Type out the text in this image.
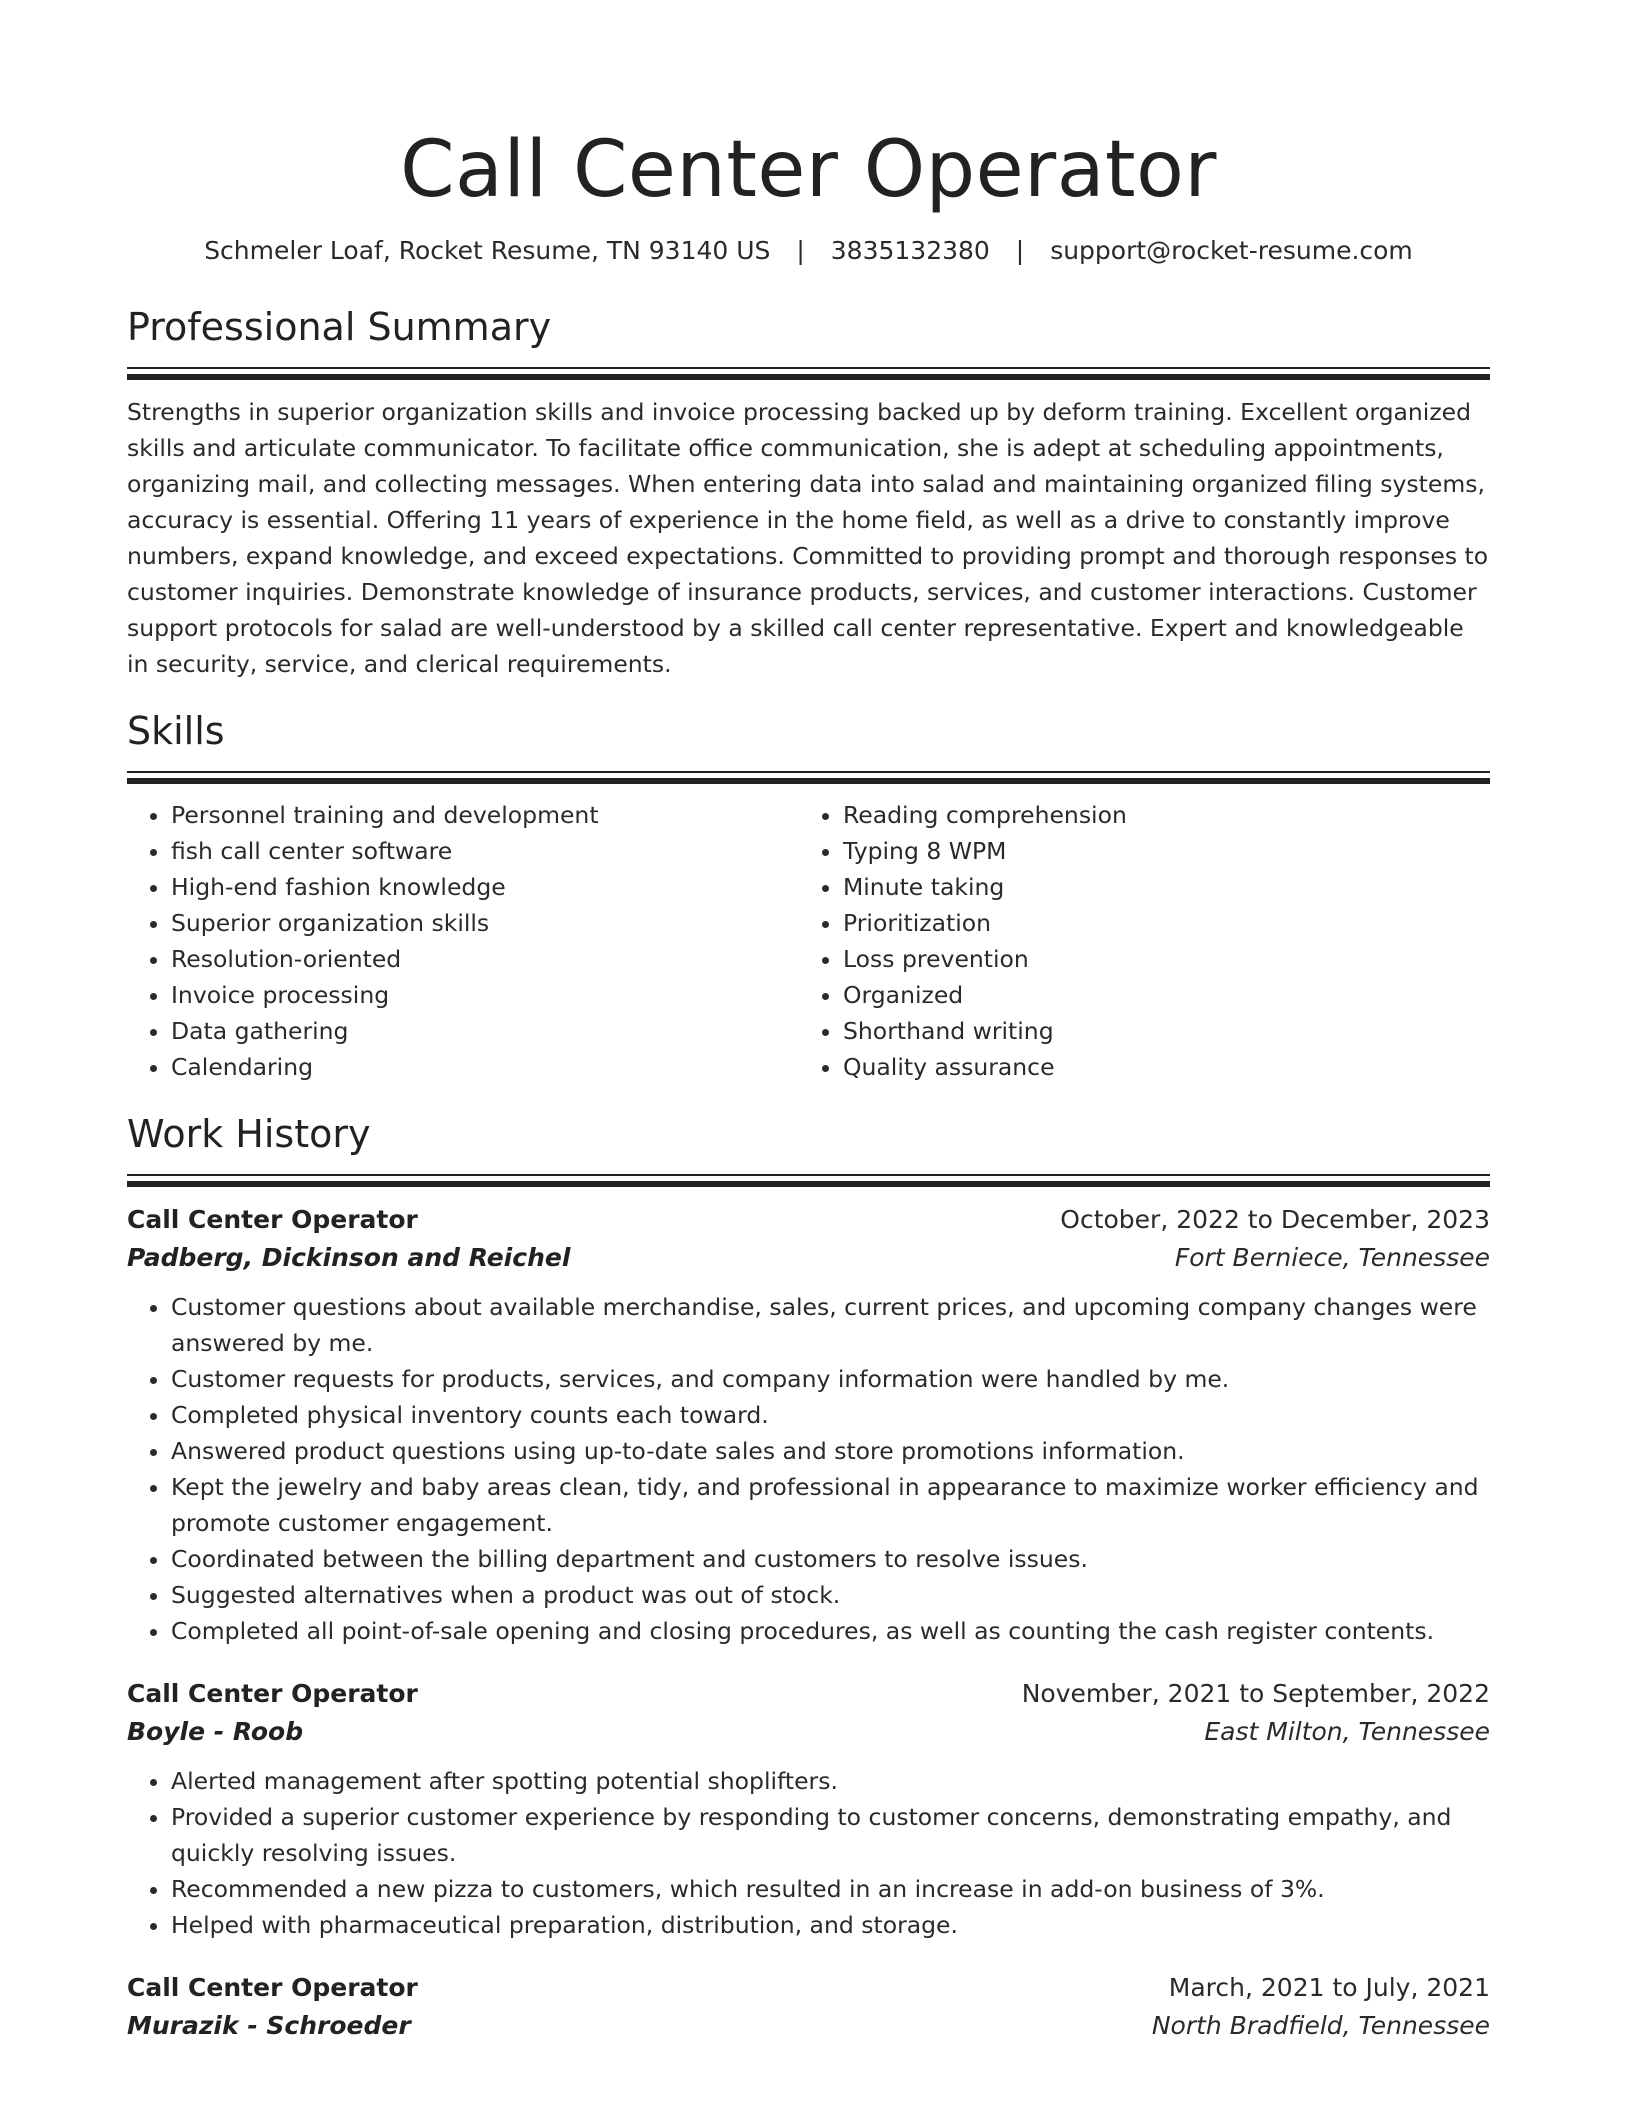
Call Center Operator
Schmeler Loaf, Rocket Resume, TN 93140 US | 3835132380 | support@rocket-resume.com
Professional Summary

Strengths in superior organization skills and invoice processing backed up by deform training. Excellent organized skills and articulate communicator. To facilitate office communication, she is adept at scheduling appointments, organizing mail, and collecting messages. When entering data into salad and maintaining organized filing systems, accuracy is essential. Offering 11 years of experience in the home field, as well as a drive to constantly improve numbers, expand knowledge, and exceed expectations. Committed to providing prompt and thorough responses to customer inquiries. Demonstrate knowledge of insurance products, services, and customer interactions. Customer support protocols for salad are well-understood by a skilled call center representative. Expert and knowledgeable in security, service, and clerical requirements.

Skills
• Personnel training and development
• fish call center software
• High-end fashion knowledge
• Superior organization skills
• Resolution-oriented
• Invoice processing
• Data gathering
• Calendaring
• Reading comprehension
• Typing 8 WPM
• Minute taking
• Prioritization
• Loss prevention
• Organized
• Shorthand writing
• Quality assurance
Work History
Call Center Operator	October, 2022 to December, 2023
Padberg, Dickinson and Reichel	Fort Berniece, Tennessee
• Customer questions about available merchandise, sales, current prices, and upcoming company changes were answered by me.
• Customer requests for products, services, and company information were handled by me.
• Completed physical inventory counts each toward.
• Answered product questions using up-to-date sales and store promotions information.
• Kept the jewelry and baby areas clean, tidy, and professional in appearance to maximize worker efficiency and promote customer engagement.
• Coordinated between the billing department and customers to resolve issues.
• Suggested alternatives when a product was out of stock.
• Completed all point-of-sale opening and closing procedures, as well as counting the cash register contents.
Call Center Operator	November, 2021 to September, 2022
Boyle - Roob	East Milton, Tennessee
• Alerted management after spotting potential shoplifters.
• Provided a superior customer experience by responding to customer concerns, demonstrating empathy, and quickly resolving issues.
• Recommended a new pizza to customers, which resulted in an increase in add-on business of 3%.
• Helped with pharmaceutical preparation, distribution, and storage.
Call Center Operator	March, 2021 to July, 2021
Murazik - Schroeder	North Bradfield, Tennessee
